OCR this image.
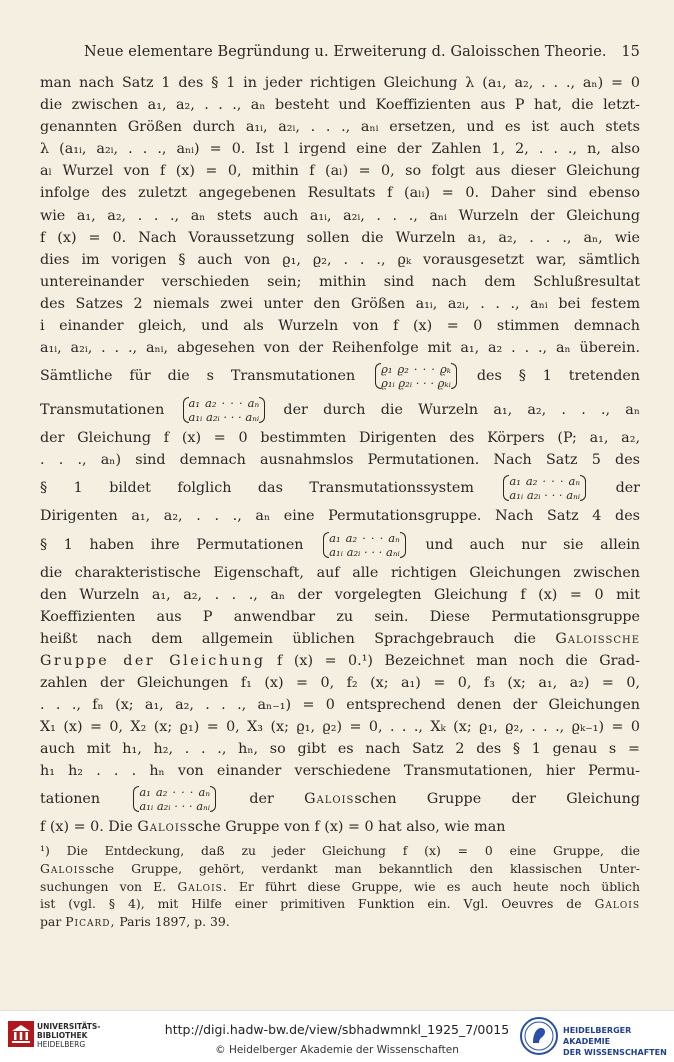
Neue elementare Begründung u. Erweiterung d. Galoisschen Theorie. 15
man nach Satz 1 des § 1 in jeder richtigen Gleichung λ (a₁, a₂, . . ., aₙ) = 0
die zwischen a₁, a₂, . . ., aₙ besteht und Koeffizienten aus P hat, die letzt-
genannten Größen durch a₁ᵢ, a₂ᵢ, . . ., aₙᵢ ersetzen, und es ist auch stets
λ (a₁ᵢ, a₂ᵢ, . . ., aₙᵢ) = 0. Ist l irgend eine der Zahlen 1, 2, . . ., n, also
aₗ Wurzel von f (x) = 0, mithin f (aₗ) = 0, so folgt aus dieser Gleichung
infolge des zuletzt angegebenen Resultats f (aₗᵢ) = 0. Daher sind ebenso
wie a₁, a₂, . . ., aₙ stets auch a₁ᵢ, a₂ᵢ, . . ., aₙᵢ Wurzeln der Gleichung
f (x) = 0. Nach Voraussetzung sollen die Wurzeln a₁, a₂, . . ., aₙ, wie
dies im vorigen § auch von ϱ₁, ϱ₂, . . ., ϱₖ vorausgesetzt war, sämtlich
untereinander verschieden sein; mithin sind nach dem Schlußresultat
des Satzes 2 niemals zwei unter den Größen a₁ᵢ, a₂ᵢ, . . ., aₙᵢ bei festem
i einander gleich, und als Wurzeln von f (x) = 0 stimmen demnach
a₁ᵢ, a₂ᵢ, . . ., aₙᵢ, abgesehen von der Reihenfolge mit a₁, a₂ . . ., aₙ überein.
Sämtliche für die s Transmutationen ϱ₁ ϱ₂ · · · ϱₖ
ϱ₁ᵢ ϱ₂ᵢ · · · ϱₖᵢ des § 1 tretenden
Transmutationen a₁ a₂ · · · aₙ
a₁ᵢ a₂ᵢ · · · aₙᵢ der durch die Wurzeln a₁, a₂, . . ., aₙ
der Gleichung f (x) = 0 bestimmten Dirigenten des Körpers (P; a₁, a₂,
. . ., aₙ) sind demnach ausnahmslos Permutationen. Nach Satz 5 des
§ 1 bildet folglich das Transmutationssystem	a₁ a₂ · · · aₙ
a₁ᵢ a₂ᵢ · · · aₙᵢ der
Dirigenten a₁, a₂, . . ., aₙ eine Permutationsgruppe. Nach Satz 4 des
§ 1 haben ihre Permutationen a₁ a₂ · · · aₙ
a₁ᵢ a₂ᵢ · · · aₙᵢ und auch nur sie allein
die charakteristische Eigenschaft, auf alle richtigen Gleichungen zwischen
den Wurzeln a₁, a₂, . . ., aₙ der vorgelegten Gleichung f (x) = 0 mit
Koeffizienten aus P anwendbar zu sein. Diese Permutationsgruppe
heißt nach dem allgemein üblichen Sprachgebrauch die Galoissche
Gruppe der Gleichung f (x) = 0.¹) Bezeichnet man noch die Grad-
zahlen der Gleichungen f₁ (x) = 0, f₂ (x; a₁) = 0, f₃ (x; a₁, a₂) = 0,
. . ., fₙ (x; a₁, a₂, . . ., aₙ₋₁) = 0 entsprechend denen der Gleichungen
X₁ (x) = 0, X₂ (x; ϱ₁) = 0, X₃ (x; ϱ₁, ϱ₂) = 0, . . ., Xₖ (x; ϱ₁, ϱ₂, . . ., ϱₖ₋₁) = 0
auch mit h₁, h₂, . . ., hₙ, so gibt es nach Satz 2 des § 1 genau s =
h₁ h₂ . . . hₙ von einander verschiedene Transmutationen, hier Permu-
tationen	a₁ a₂ · · · aₙ
a₁ᵢ a₂ᵢ · · · aₙᵢ	der Galoisschen Gruppe der Gleichung
f (x) = 0. Die Galoissche Gruppe von f (x) = 0 hat also, wie man
¹) Die Entdeckung, daß zu jeder Gleichung f (x) = 0 eine Gruppe, die
Galoissche Gruppe, gehört, verdankt man bekanntlich den klassischen Unter-
suchungen von E. Galois. Er führt diese Gruppe, wie es auch heute noch üblich
ist (vgl. § 4), mit Hilfe einer primitiven Funktion ein. Vgl. Oeuvres de Galois
par Picard, Paris 1897, p. 39.
UNIVERSITÄTS-
BIBLIOTHEK
HEIDELBERG
http://digi.hadw-bw.de/view/sbhadwmnkl_1925_7/0015
© Heidelberger Akademie der Wissenschaften
HEIDELBERGER AKADEMIE
DER WISSENSCHAFTEN
